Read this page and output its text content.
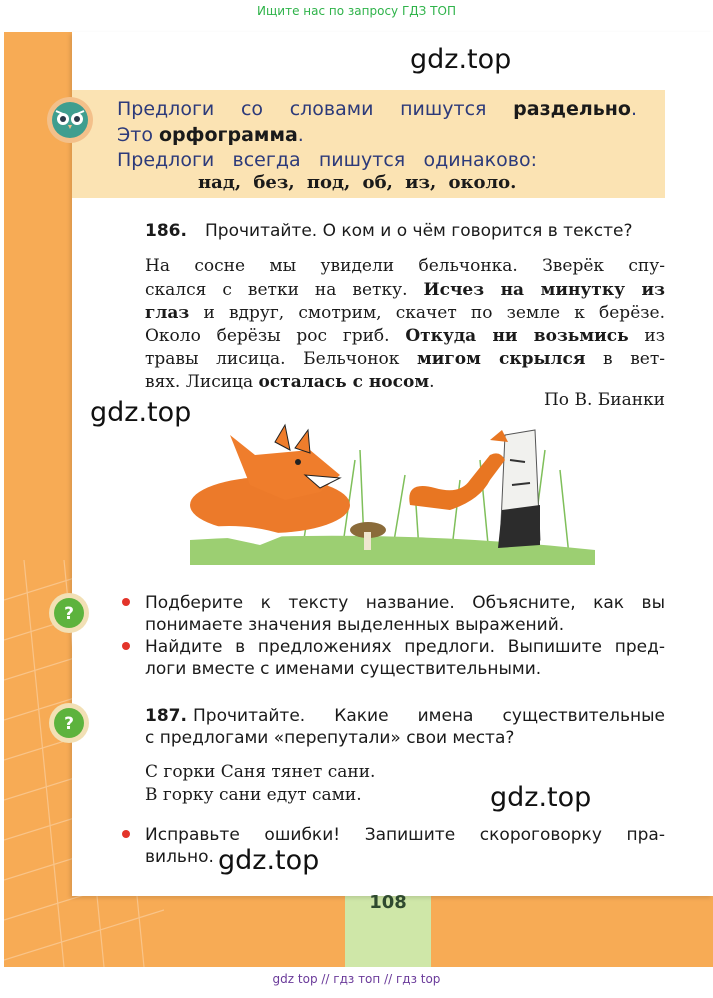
Ищите нас по запросу ГДЗ ТОП
Предлоги со словами пишутся раздельно.
Это орфограмма.
Предлоги всегда пишутся одинаково:
над, без, под, об, из, около.
186. Прочитайте. О ком и о чём говорится в тексте?
На сосне мы увидели бельчонка. Зверёк спу-
скался с ветки на ветку. Исчез на минутку из
глаз и вдруг, смотрим, скачет по земле к берёзе.
Около берёзы рос гриб. Откуда ни возьмись из
травы лисица. Бельчонок мигом скрылся в вет-
вях. Лисица осталась с носом.
По В. Бианки
?
Подберите к тексту название. Объясните, как вы
понимаете значения выделенных выражений.
Найдите в предложениях предлоги. Выпишите пред-
логи вместе с именами существительными.
?	187. Прочитайте. Какие имена существительные
с предлогами «перепутали» свои места?
С горки Саня тянет сани.
В горку сани едут сами.
Исправьте ошибки! Запишите скороговорку пра-
вильно.
108
gdz.top
gdz.top
gdz.top
gdz.top
gdz top // гдз топ // гдз top
